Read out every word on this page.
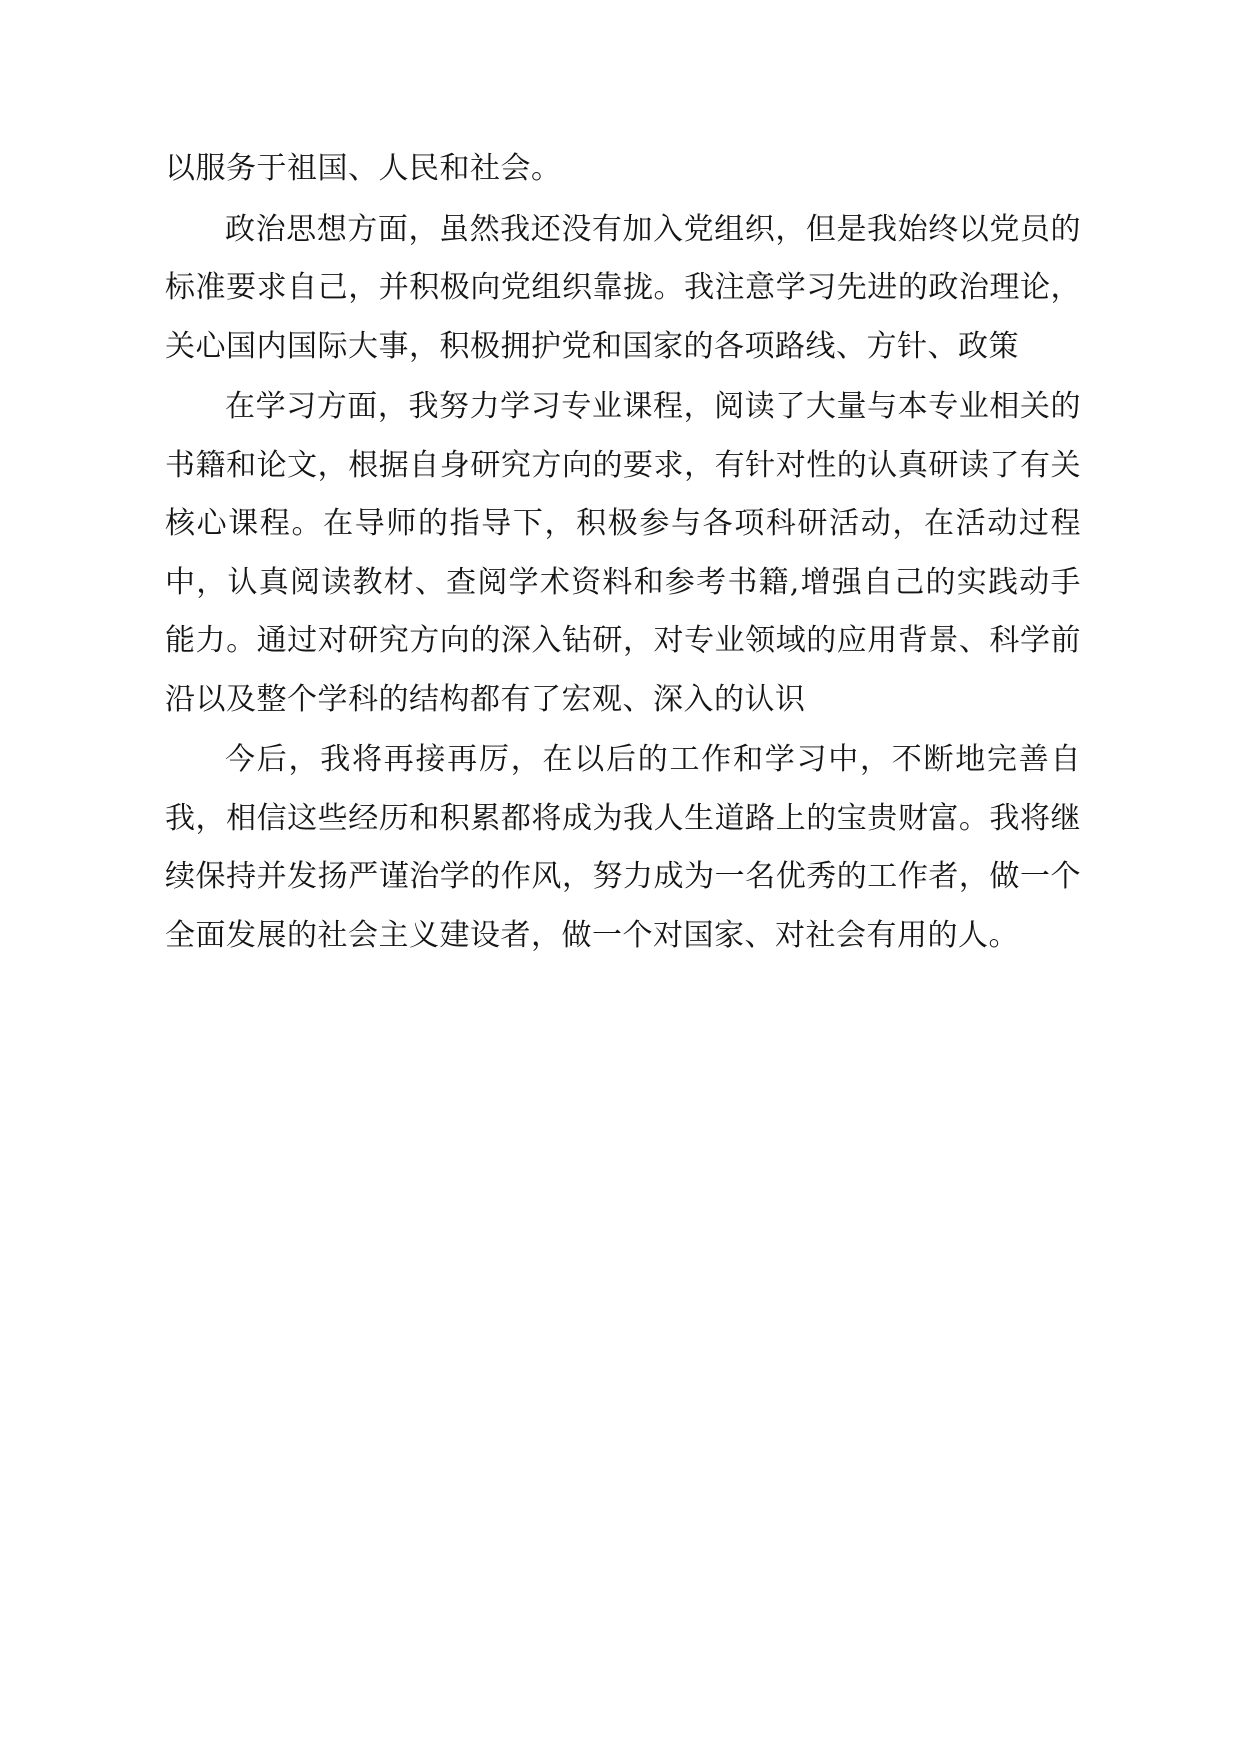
以服务于祖国、人民和社会。

政治思想方面，虽然我还没有加入党组织，但是我始终以党员的标准要求自己，并积极向党组织靠拢。我注意学习先进的政治理论，关心国内国际大事，积极拥护党和国家的各项路线、方针、政策

在学习方面，我努力学习专业课程，阅读了大量与本专业相关的书籍和论文，根据自身研究方向的要求，有针对性的认真研读了有关核心课程。在导师的指导下，积极参与各项科研活动，在活动过程中，认真阅读教材、查阅学术资料和参考书籍,增强自己的实践动手能力。通过对研究方向的深入钻研，对专业领域的应用背景、科学前沿以及整个学科的结构都有了宏观、深入的认识

今后，我将再接再厉，在以后的工作和学习中，不断地完善自我，相信这些经历和积累都将成为我人生道路上的宝贵财富。我将继续保持并发扬严谨治学的作风，努力成为一名优秀的工作者，做一个全面发展的社会主义建设者，做一个对国家、对社会有用的人。
